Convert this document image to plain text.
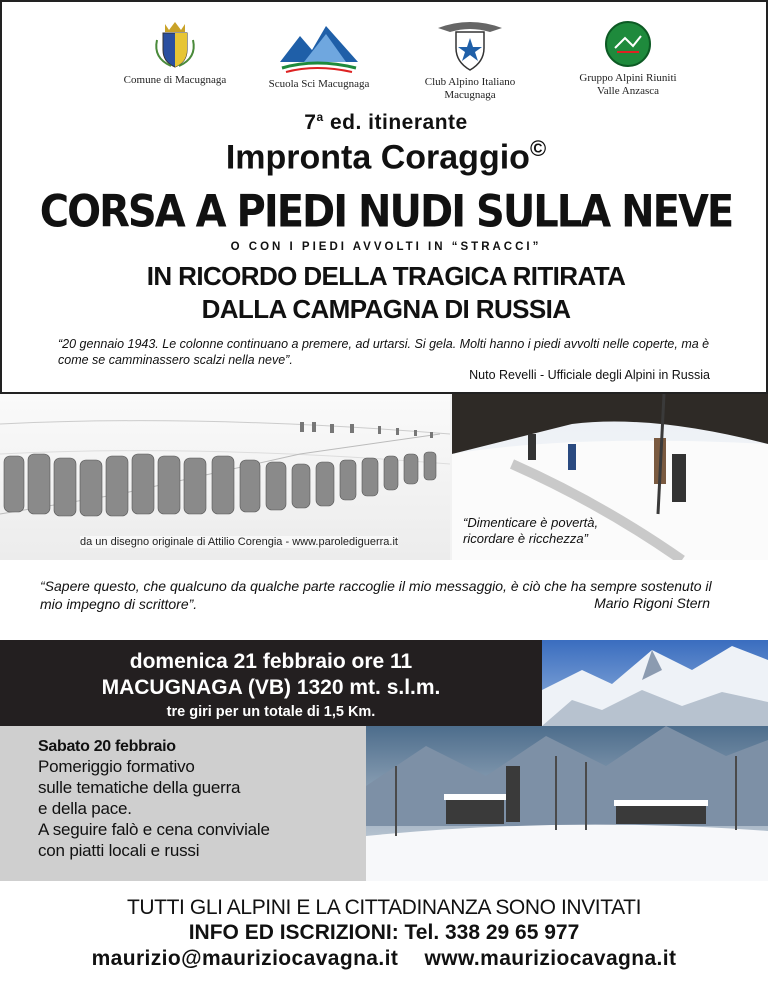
Comune di Macugnaga	Scuola Sci Macugnaga	Club Alpino Italiano
Macugnaga
Gruppo Alpini Riuniti
Valle Anzasca
7$^a$ ed. itinerante
Impronta Coraggio©
CORSA A PIEDI NUDI SULLA NEVE
O CON I PIEDI AVVOLTI IN “STRACCI”
IN RICORDO DELLA TRAGICA RITIRATA
DALLA CAMPAGNA DI RUSSIA
“20 gennaio 1943. Le colonne continuano a premere, ad urtarsi. Si gela. Molti hanno i piedi avvolti nelle coperte, ma è come se camminassero scalzi nella neve”.
Nuto Revelli - Ufficiale degli Alpini in Russia
da un disegno originale di Attilio Corengia - www.parolediguerra.it
“Dimenticare è povertà,
ricordare è ricchezza”
“Sapere questo, che qualcuno da qualche parte raccoglie il mio messaggio, è ciò che ha sempre sostenuto il mio impegno di scrittore”.	Mario Rigoni Stern
domenica 21 febbraio ore 11
MACUGNAGA (VB) 1320 mt. s.l.m.
tre giri per un totale di 1,5 Km.
Sabato 20 febbraio
Pomeriggio formativo
sulle tematiche della guerra
e della pace.
A seguire falò e cena conviviale
con piatti locali e russi
TUTTI GLI ALPINI E LA CITTADINANZA SONO INVITATI
INFO ED ISCRIZIONI: Tel. 338 29 65 977
maurizio@mauriziocavagna.it www.mauriziocavagna.it
